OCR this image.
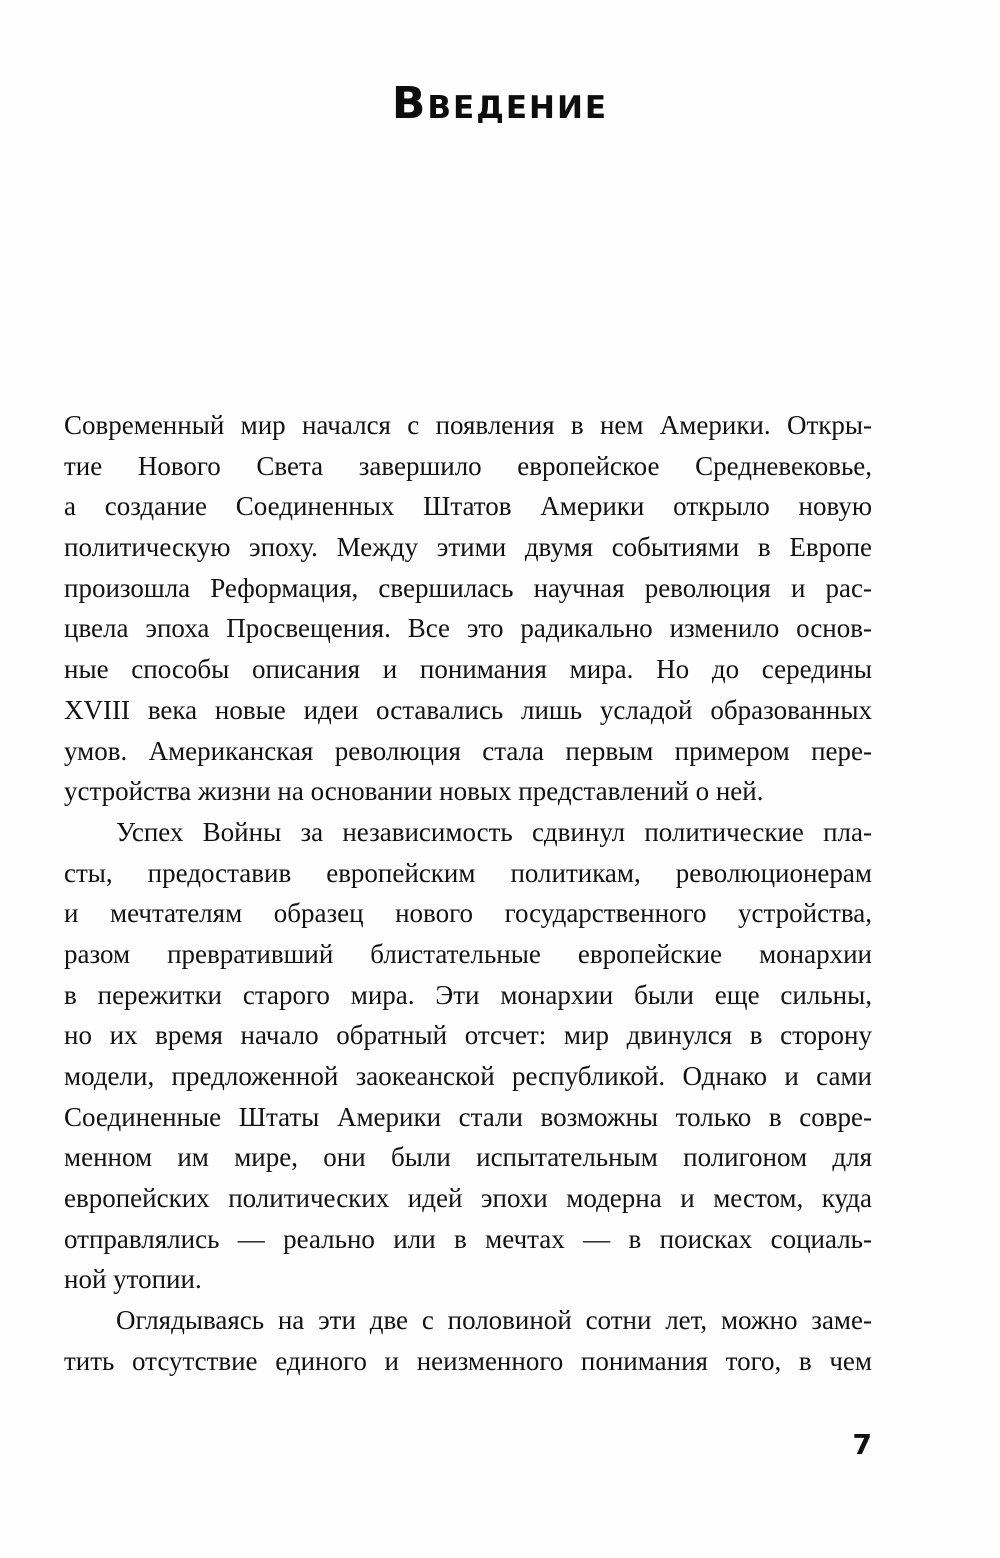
Введение
Современный мир начался с появления в нем Америки. Откры-
тие Нового Света завершило европейское Средневековье,
а создание Соединенных Штатов Америки открыло новую
политическую эпоху. Между этими двумя событиями в Европе
произошла Реформация, свершилась научная революция и рас-
цвела эпоха Просвещения. Все это радикально изменило основ-
ные способы описания и понимания мира. Но до середины
XVIII века новые идеи оставались лишь усладой образованных
умов. Американская революция стала первым примером пере-
устройства жизни на основании новых представлений о ней.
Успех Войны за независимость сдвинул политические пла-
сты, предоставив европейским политикам, революционерам
и мечтателям образец нового государственного устройства,
разом превративший блистательные европейские монархии
в пережитки старого мира. Эти монархии были еще сильны,
но их время начало обратный отсчет: мир двинулся в сторону
модели, предложенной заокеанской республикой. Однако и сами
Соединенные Штаты Америки стали возможны только в совре-
менном им мире, они были испытательным полигоном для
европейских политических идей эпохи модерна и местом, куда
отправлялись — реально или в мечтах — в поисках социаль-
ной утопии.
Оглядываясь на эти две с половиной сотни лет, можно заме-
тить отсутствие единого и неизменного понимания того, в чем
7
